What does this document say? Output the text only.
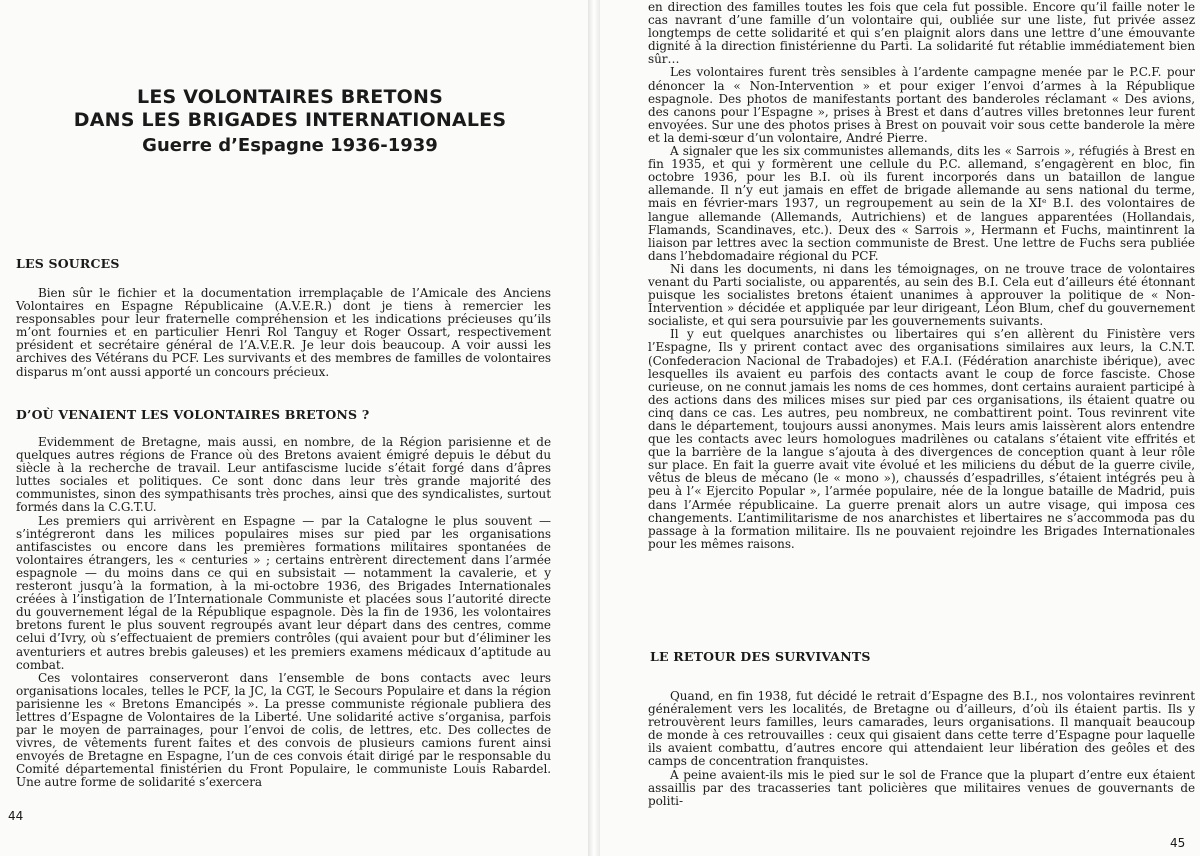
LES VOLONTAIRES BRETONS
DANS LES BRIGADES INTERNATIONALES
Guerre d’Espagne 1936-1939
LES SOURCES

Bien sûr le fichier et la documentation irremplaçable de l’Amicale des Anciens Volontaires en Espagne Républicaine (A.V.E.R.) dont je tiens à remercier les responsables pour leur fraternelle compréhension et les indications précieuses qu’ils m’ont fournies et en particulier Henri Rol Tanguy et Roger Ossart, respectivement président et secrétaire général de l’A.V.E.R. Je leur dois beaucoup. A voir aussi les archives des Vétérans du PCF. Les survivants et des membres de familles de volontaires disparus m’ont aussi apporté un concours précieux.

D’OÙ VENAIENT LES VOLONTAIRES BRETONS ?

Evidemment de Bretagne, mais aussi, en nombre, de la Région parisienne et de quelques autres régions de France où des Bretons avaient émigré depuis le début du siècle à la recherche de travail. Leur antifascisme lucide s’était forgé dans d’âpres luttes sociales et politiques. Ce sont donc dans leur très grande majorité des communistes, sinon des sympathisants très proches, ainsi que des syndicalistes, surtout formés dans la C.G.T.U.

Les premiers qui arrivèrent en Espagne — par la Catalogne le plus souvent — s’intégreront dans les milices populaires mises sur pied par les organisations antifascistes ou encore dans les premières formations militaires spontanées de volontaires étrangers, les « centuries » ; certains entrèrent directement dans l’armée espagnole — du moins dans ce qui en subsistait — notamment la cavalerie, et y resteront jusqu’à la formation, à la mi-octobre 1936, des Brigades Internationales créées à l’instigation de l’Internationale Communiste et placées sous l’autorité directe du gouvernement légal de la République espagnole. Dès la fin de 1936, les volontaires bretons furent le plus souvent regroupés avant leur départ dans des centres, comme celui d’Ivry, où s’effectuaient de premiers contrôles (qui avaient pour but d’éliminer les aventuriers et autres brebis galeuses) et les premiers examens médicaux d’aptitude au combat.

Ces volontaires conserveront dans l’ensemble de bons contacts avec leurs organisations locales, telles le PCF, la JC, la CGT, le Secours Populaire et dans la région parisienne les « Bretons Emancipés ». La presse communiste régionale publiera des lettres d’Espagne de Volontaires de la Liberté. Une solidarité active s’organisa, parfois par le moyen de parrainages, pour l’envoi de colis, de lettres, etc. Des collectes de vivres, de vêtements furent faites et des convois de plusieurs camions furent ainsi envoyés de Bretagne en Espagne, l’un de ces convois était dirigé par le responsable du Comité départemental finistérien du Front Populaire, le communiste Louis Rabardel. Une autre forme de solidarité s’exercera

44

en direction des familles toutes les fois que cela fut possible. Encore qu’il faille noter le cas navrant d’une famille d’un volontaire qui, oubliée sur une liste, fut privée assez longtemps de cette solidarité et qui s’en plaignit alors dans une lettre d’une émouvante dignité à la direction finistérienne du Parti. La solidarité fut rétablie immédiatement bien sûr…

Les volontaires furent très sensibles à l’ardente campagne menée par le P.C.F. pour dénoncer la « Non-Intervention » et pour exiger l’envoi d’armes à la République espagnole. Des photos de manifestants portant des banderoles réclamant « Des avions, des canons pour l’Espagne », prises à Brest et dans d’autres villes bretonnes leur furent envoyées. Sur une des photos prises à Brest on pouvait voir sous cette banderole la mère et la demi-sœur d’un volontaire, André Pierre.

A signaler que les six communistes allemands, dits les « Sarrois », réfugiés à Brest en fin 1935, et qui y formèrent une cellule du P.C. allemand, s’engagèrent en bloc, fin octobre 1936, pour les B.I. où ils furent incorporés dans un bataillon de langue allemande. Il n’y eut jamais en effet de brigade allemande au sens national du terme, mais en février-mars 1937, un regroupement au sein de la XIᵉ B.I. des volontaires de langue allemande (Allemands, Autrichiens) et de langues apparentées (Hollandais, Flamands, Scandinaves, etc.). Deux des « Sarrois », Hermann et Fuchs, maintinrent la liaison par lettres avec la section communiste de Brest. Une lettre de Fuchs sera publiée dans l’hebdomadaire régional du PCF.

Ni dans les documents, ni dans les témoignages, on ne trouve trace de volontaires venant du Parti socialiste, ou apparentés, au sein des B.I. Cela eut d’ailleurs été étonnant puisque les socialistes bretons étaient unanimes à approuver la politique de « Non-Intervention » décidée et appliquée par leur dirigeant, Léon Blum, chef du gouvernement socialiste, et qui sera poursuivie par les gouvernements suivants.

Il y eut quelques anarchistes ou libertaires qui s’en allèrent du Finistère vers l’Espagne, Ils y prirent contact avec des organisations similaires aux leurs, la C.N.T. (Confederacion Nacional de Trabadojes) et F.A.I. (Fédération anarchiste ibérique), avec lesquelles ils avaient eu parfois des contacts avant le coup de force fasciste. Chose curieuse, on ne connut jamais les noms de ces hommes, dont certains auraient participé à des actions dans des milices mises sur pied par ces organisations, ils étaient quatre ou cinq dans ce cas. Les autres, peu nombreux, ne combattirent point. Tous revinrent vite dans le département, toujours aussi anonymes. Mais leurs amis laissèrent alors entendre que les contacts avec leurs homologues madrilènes ou catalans s’étaient vite effrités et que la barrière de la langue s’ajouta à des divergences de conception quant à leur rôle sur place. En fait la guerre avait vite évolué et les miliciens du début de la guerre civile, vêtus de bleus de mécano (le « mono »), chaussés d’espadrilles, s’étaient intégrés peu à peu à l’« Ejercito Popular », l’armée populaire, née de la longue bataille de Madrid, puis dans l’Armée républicaine. La guerre prenait alors un autre visage, qui imposa ces changements. L’antimilitarisme de nos anarchistes et libertaires ne s’accommoda pas du passage à la formation militaire. Ils ne pouvaient rejoindre les Brigades Internationales pour les mêmes raisons.

LE RETOUR DES SURVIVANTS

Quand, en fin 1938, fut décidé le retrait d’Espagne des B.I., nos volontaires revinrent généralement vers les localités, de Bretagne ou d’ailleurs, d’où ils étaient partis. Ils y retrouvèrent leurs familles, leurs camarades, leurs organisations. Il manquait beaucoup de monde à ces retrouvailles : ceux qui gisaient dans cette terre d’Espagne pour laquelle ils avaient combattu, d’autres encore qui attendaient leur libération des geôles et des camps de concentration franquistes.

A peine avaient-ils mis le pied sur le sol de France que la plupart d’entre eux étaient assaillis par des tracasseries tant policières que militaires venues de gouvernants de politi-

45
